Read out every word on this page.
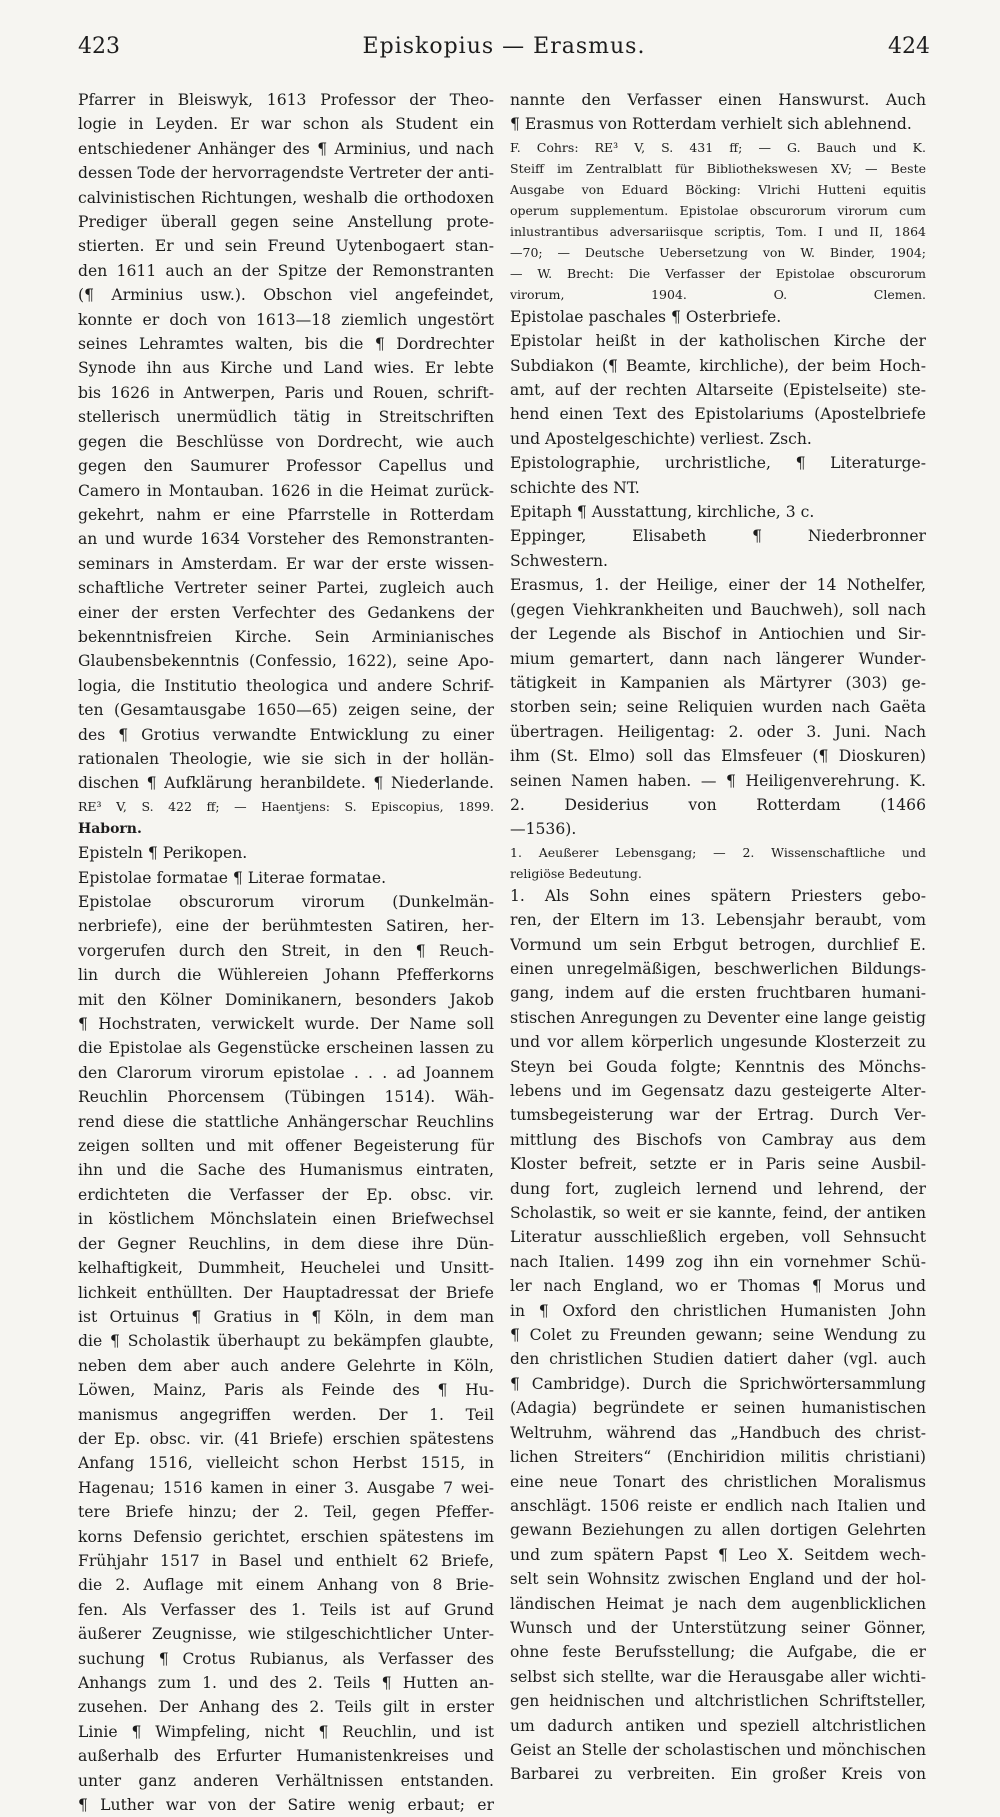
423	Episkopius — Erasmus.	424
Pfarrer in Bleiswyk, 1613 Professor der Theo-
logie in Leyden. Er war schon als Student ein
entschiedener Anhänger des ¶ Arminius, und nach
dessen Tode der hervorragendste Vertreter der anti-
calvinistischen Richtungen, weshalb die orthodoxen
Prediger überall gegen seine Anstellung prote-
stierten. Er und sein Freund Uytenbogaert stan-
den 1611 auch an der Spitze der Remonstranten
(¶ Arminius usw.). Obschon viel angefeindet,
konnte er doch von 1613—18 ziemlich ungestört
seines Lehramtes walten, bis die ¶ Dordrechter
Synode ihn aus Kirche und Land wies. Er lebte
bis 1626 in Antwerpen, Paris und Rouen, schrift-
stellerisch unermüdlich tätig in Streitschriften
gegen die Beschlüsse von Dordrecht, wie auch
gegen den Saumurer Professor Capellus und
Camero in Montauban. 1626 in die Heimat zurück-
gekehrt, nahm er eine Pfarrstelle in Rotterdam
an und wurde 1634 Vorsteher des Remonstranten-
seminars in Amsterdam. Er war der erste wissen-
schaftliche Vertreter seiner Partei, zugleich auch
einer der ersten Verfechter des Gedankens der
bekenntnisfreien Kirche. Sein Arminianisches
Glaubensbekenntnis (Confessio, 1622), seine Apo-
logia, die Institutio theologica und andere Schrif-
ten (Gesamtausgabe 1650—65) zeigen seine, der
des ¶ Grotius verwandte Entwicklung zu einer
rationalen Theologie, wie sie sich in der hollän-
dischen ¶ Aufklärung heranbildete. ¶ Niederlande.
RE³ V, S. 422 ff; — Haentjens: S. Episcopius, 1899.
Haborn.
Episteln ¶ Perikopen.
Epistolae formatae ¶ Literae formatae.
Epistolae obscurorum virorum (Dunkelmän-
nerbriefe), eine der berühmtesten Satiren, her-
vorgerufen durch den Streit, in den ¶ Reuch-
lin durch die Wühlereien Johann Pfefferkorns
mit den Kölner Dominikanern, besonders Jakob
¶ Hochstraten, verwickelt wurde. Der Name soll
die Epistolae als Gegenstücke erscheinen lassen zu
den Clarorum virorum epistolae . . . ad Joannem
Reuchlin Phorcensem (Tübingen 1514). Wäh-
rend diese die stattliche Anhängerschar Reuchlins
zeigen sollten und mit offener Begeisterung für
ihn und die Sache des Humanismus eintraten,
erdichteten die Verfasser der Ep. obsc. vir.
in köstlichem Mönchslatein einen Briefwechsel
der Gegner Reuchlins, in dem diese ihre Dün-
kelhaftigkeit, Dummheit, Heuchelei und Unsitt-
lichkeit enthüllten. Der Hauptadressat der Briefe
ist Ortuinus ¶ Gratius in ¶ Köln, in dem man
die ¶ Scholastik überhaupt zu bekämpfen glaubte,
neben dem aber auch andere Gelehrte in Köln,
Löwen, Mainz, Paris als Feinde des ¶ Hu-
manismus angegriffen werden. Der 1. Teil
der Ep. obsc. vir. (41 Briefe) erschien spätestens
Anfang 1516, vielleicht schon Herbst 1515, in
Hagenau; 1516 kamen in einer 3. Ausgabe 7 wei-
tere Briefe hinzu; der 2. Teil, gegen Pfeffer-
korns Defensio gerichtet, erschien spätestens im
Frühjahr 1517 in Basel und enthielt 62 Briefe,
die 2. Auflage mit einem Anhang von 8 Brie-
fen. Als Verfasser des 1. Teils ist auf Grund
äußerer Zeugnisse, wie stilgeschichtlicher Unter-
suchung ¶ Crotus Rubianus, als Verfasser des
Anhangs zum 1. und des 2. Teils ¶ Hutten an-
zusehen. Der Anhang des 2. Teils gilt in erster
Linie ¶ Wimpfeling, nicht ¶ Reuchlin, und ist
außerhalb des Erfurter Humanistenkreises und
unter ganz anderen Verhältnissen entstanden.
¶ Luther war von der Satire wenig erbaut; er
nannte den Verfasser einen Hanswurst. Auch
¶ Erasmus von Rotterdam verhielt sich ablehnend.
F. Cohrs: RE³ V, S. 431 ff; — G. Bauch und K.
Steiff im Zentralblatt für Bibliothekswesen XV; — Beste
Ausgabe von Eduard Böcking: Vlrichi Hutteni equitis
operum supplementum. Epistolae obscurorum virorum cum
inlustrantibus adversariisque scriptis, Tom. I und II, 1864
—70; — Deutsche Uebersetzung von W. Binder, 1904;
— W. Brecht: Die Verfasser der Epistolae obscurorum
virorum, 1904. O. Clemen.
Epistolae paschales ¶ Osterbriefe.
Epistolar heißt in der katholischen Kirche der
Subdiakon (¶ Beamte, kirchliche), der beim Hoch-
amt, auf der rechten Altarseite (Epistelseite) ste-
hend einen Text des Epistolariums (Apostelbriefe
und Apostelgeschichte) verliest. Zsch.
Epistolographie, urchristliche, ¶ Literaturge-
schichte des NT.
Epitaph ¶ Ausstattung, kirchliche, 3 c.
Eppinger, Elisabeth ¶ Niederbronner
Schwestern.
Erasmus, 1. der Heilige, einer der 14 Nothelfer,
(gegen Viehkrankheiten und Bauchweh), soll nach
der Legende als Bischof in Antiochien und Sir-
mium gemartert, dann nach längerer Wunder-
tätigkeit in Kampanien als Märtyrer (303) ge-
storben sein; seine Reliquien wurden nach Gaëta
übertragen. Heiligentag: 2. oder 3. Juni. Nach
ihm (St. Elmo) soll das Elmsfeuer (¶ Dioskuren)
seinen Namen haben. — ¶ Heiligenverehrung. K.
2. Desiderius von Rotterdam (1466
—1536).
1. Aeußerer Lebensgang; — 2. Wissenschaftliche und
religiöse Bedeutung.
1. Als Sohn eines spätern Priesters gebo-
ren, der Eltern im 13. Lebensjahr beraubt, vom
Vormund um sein Erbgut betrogen, durchlief E.
einen unregelmäßigen, beschwerlichen Bildungs-
gang, indem auf die ersten fruchtbaren humani-
stischen Anregungen zu Deventer eine lange geistig
und vor allem körperlich ungesunde Klosterzeit zu
Steyn bei Gouda folgte; Kenntnis des Mönchs-
lebens und im Gegensatz dazu gesteigerte Alter-
tumsbegeisterung war der Ertrag. Durch Ver-
mittlung des Bischofs von Cambray aus dem
Kloster befreit, setzte er in Paris seine Ausbil-
dung fort, zugleich lernend und lehrend, der
Scholastik, so weit er sie kannte, feind, der antiken
Literatur ausschließlich ergeben, voll Sehnsucht
nach Italien. 1499 zog ihn ein vornehmer Schü-
ler nach England, wo er Thomas ¶ Morus und
in ¶ Oxford den christlichen Humanisten John
¶ Colet zu Freunden gewann; seine Wendung zu
den christlichen Studien datiert daher (vgl. auch
¶ Cambridge). Durch die Sprichwörtersammlung
(Adagia) begründete er seinen humanistischen
Weltruhm, während das „Handbuch des christ-
lichen Streiters“ (Enchiridion militis christiani)
eine neue Tonart des christlichen Moralismus
anschlägt. 1506 reiste er endlich nach Italien und
gewann Beziehungen zu allen dortigen Gelehrten
und zum spätern Papst ¶ Leo X. Seitdem wech-
selt sein Wohnsitz zwischen England und der hol-
ländischen Heimat je nach dem augenblicklichen
Wunsch und der Unterstützung seiner Gönner,
ohne feste Berufsstellung; die Aufgabe, die er
selbst sich stellte, war die Herausgabe aller wichti-
gen heidnischen und altchristlichen Schriftsteller,
um dadurch antiken und speziell altchristlichen
Geist an Stelle der scholastischen und mönchischen
Barbarei zu verbreiten. Ein großer Kreis von
